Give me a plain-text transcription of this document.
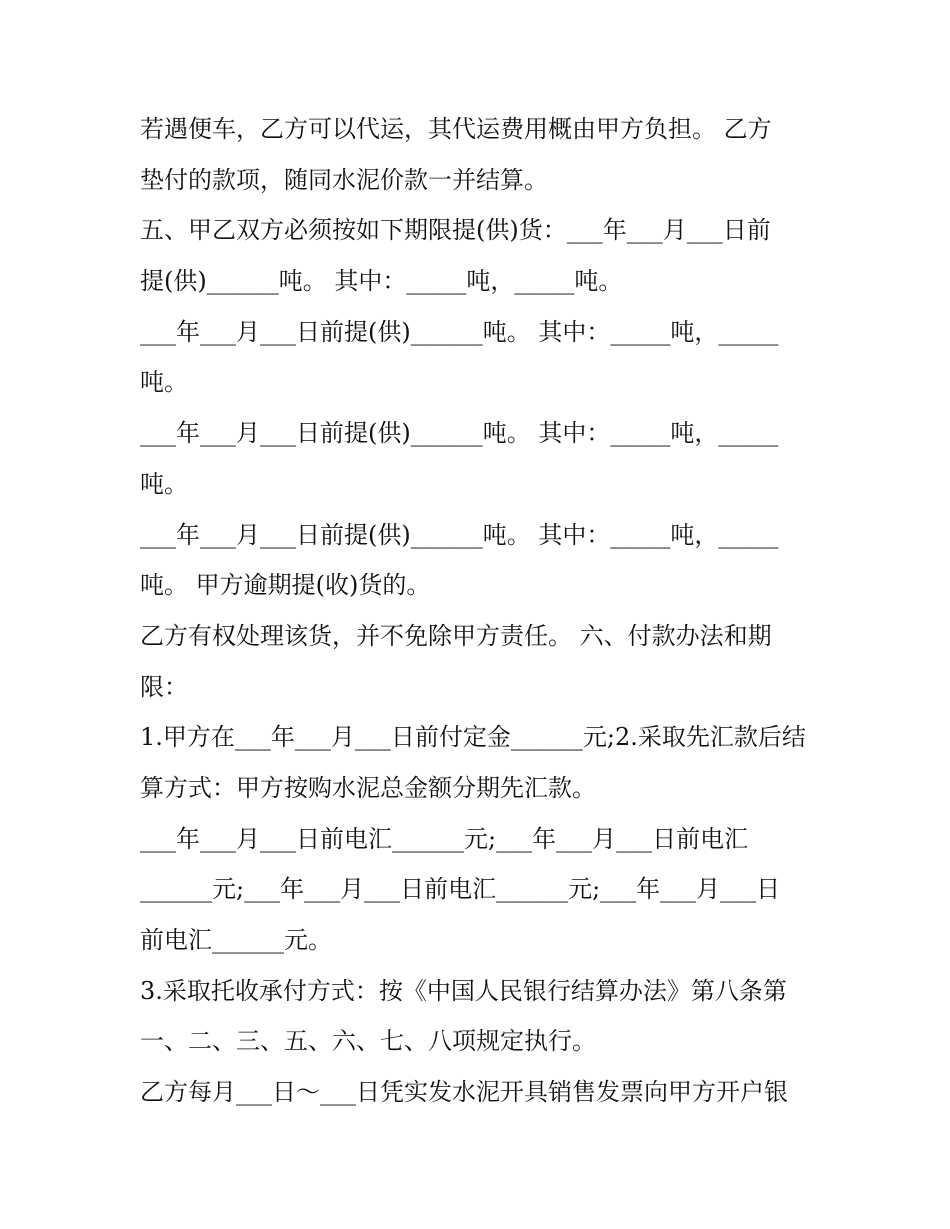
若遇便车，乙方可以代运，其代运费用概由甲方负担。 乙方
垫付的款项，随同水泥价款一并结算。
五、甲乙双方必须按如下期限提(供)货：___年___月___日前
提(供)______吨。 其中：_____吨，_____吨。
___年___月___日前提(供)______吨。 其中：_____吨，_____
吨。
___年___月___日前提(供)______吨。 其中：_____吨，_____
吨。
___年___月___日前提(供)______吨。 其中：_____吨，_____
吨。 甲方逾期提(收)货的。
乙方有权处理该货，并不免除甲方责任。 六、付款办法和期
限：
1.甲方在___年___月___日前付定金______元;2.采取先汇款后结
算方式：甲方按购水泥总金额分期先汇款。
___年___月___日前电汇______元;___年___月___日前电汇
______元;___年___月___日前电汇______元;___年___月___日
前电汇______元。
3.采取托收承付方式：按《中国人民银行结算办法》第八条第
一、二、三、五、六、七、八项规定执行。
乙方每月___日～___日凭实发水泥开具销售发票向甲方开户银
